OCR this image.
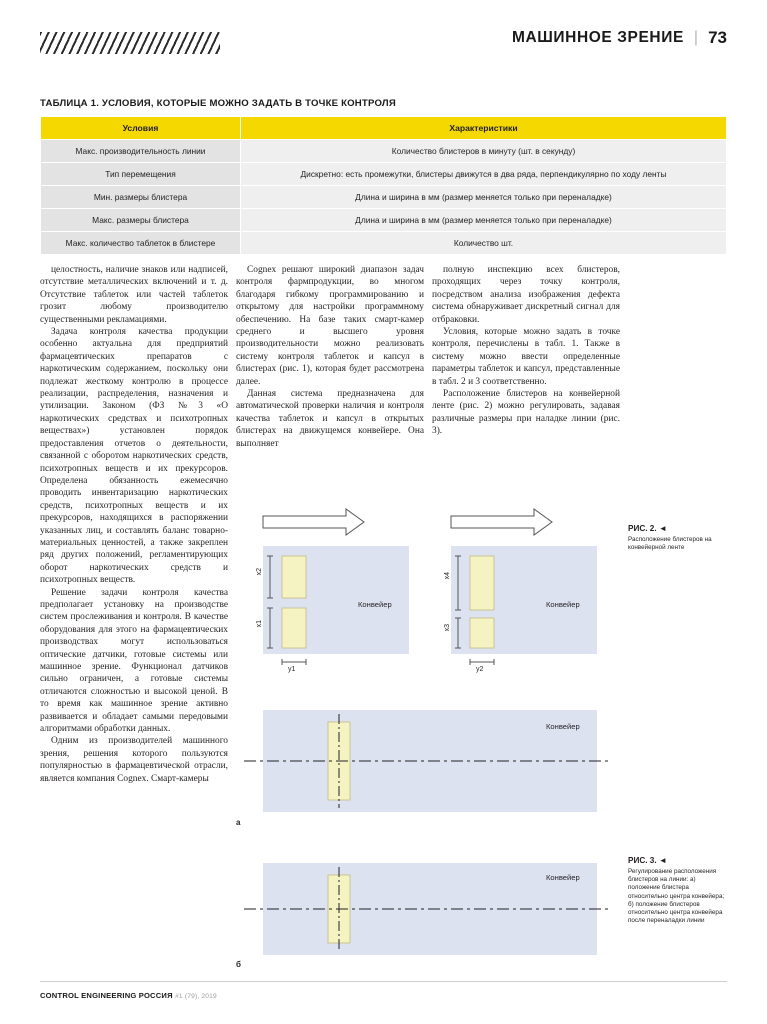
МАШИННОЕ ЗРЕНИЕ | 73
ТАБЛИЦА 1. УСЛОВИЯ, КОТОРЫЕ МОЖНО ЗАДАТЬ В ТОЧКЕ КОНТРОЛЯ
Условия	Характеристики
Макс. производительность линии	Количество блистеров в минуту (шт. в секунду)
Тип перемещения	Дискретно: есть промежутки, блистеры движутся в два ряда, перпендикулярно по ходу ленты
Мин. размеры блистера	Длина и ширина в мм (размер меняется только при переналадке)
Макс. размеры блистера	Длина и ширина в мм (размер меняется только при переналадке)
Макс. количество таблеток в блистере	Количество шт.

целостность, наличие знаков или надписей, отсутствие металлических включений и т. д. Отсутствие таблеток или частей таблеток грозит любому производителю существенными рекламациями.

Задача контроля качества продукции особенно актуальна для предприятий фармацевтических препаратов с наркотическим содержанием, поскольку они подлежат жесткому контролю в процессе реализации, распределения, назначения и утилизации. Законом (ФЗ №3 «О наркотических средствах и психотропных веществах») установлен порядок предоставления отчетов о деятельности, связанной с оборотом наркотических средств, психотропных веществ и их прекурсоров. Определена обязанность ежемесячно проводить инвентаризацию наркотических средств, психотропных веществ и их прекурсоров, находящихся в распоряжении указанных лиц, и составлять баланс товарно-материальных ценностей, а также закреплен ряд других положений, регламентирующих оборот наркотических средств и психотропных веществ.

Решение задачи контроля качества предполагает установку на производстве систем прослеживания и контроля. В качестве оборудования для этого на фармацевтических производствах могут использоваться оптические датчики, готовые системы или машинное зрение. Функционал датчиков сильно ограничен, а готовые системы отличаются сложностью и высокой ценой. В то время как машинное зрение активно развивается и обладает самыми передовыми алгоритмами обработки данных.

Одним из производителей машинного зрения, решения которого пользуются популярностью в фармацевтической отрасли, является компания Cognex. Смарт-камеры

Cognex решают широкий диапазон задач контроля фармпродукции, во многом благодаря гибкому программированию и открытому для настройки программному обеспечению. На базе таких смарт-камер среднего и высшего уровня производительности можно реализовать систему контроля таблеток и капсул в блистерах (рис. 1), которая будет рассмотрена далее.

Данная система предназначена для автоматической проверки наличия и контроля качества таблеток и капсул в открытых блистерах на движущемся конвейере. Она выполняет

полную инспекцию всех блистеров, проходящих через точку контроля, посредством анализа изображения дефекта система обнаруживает дискретный сигнал для отбраковки.

Условия, которые можно задать в точке контроля, перечислены в табл. 1. Также в систему можно ввести определенные параметры таблеток и капсул, представленные в табл. 2 и 3 соответственно.

Расположение блистеров на конвейерной ленте (рис. 2) можно регулировать, задавая различные размеры при наладке линии (рис. 3).

x2
x1
y1
x4
x3
y2
Конвейер	Конвейер
Конвейер
а
Конвейер
б
РИС. 2. ◄
Расположение блистеров на конвейерной ленте
РИС. 3. ◄
Регулирование расположения блистеров на линии: а) положение блистера относительно центра конвейера; б) положение блистеров относительно центра конвейера после переналадки линии
CONTROL ENGINEERING РОССИЯ #1 (79), 2019
